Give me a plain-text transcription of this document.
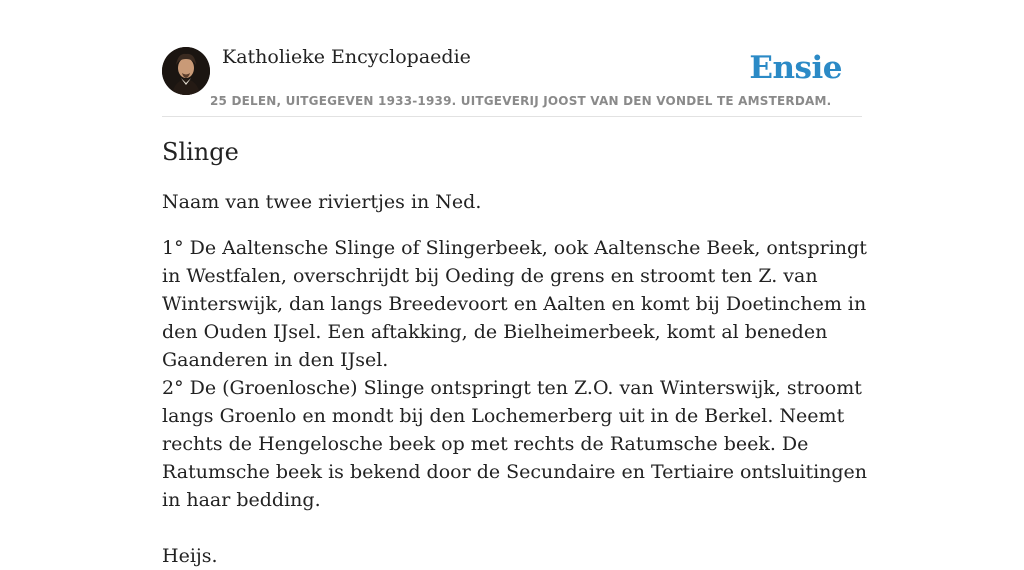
Katholieke Encyclopaedie	Ensie
25 DELEN, UITGEGEVEN 1933-1939. UITGEVERIJ JOOST VAN DEN VONDEL TE AMSTERDAM.
Slinge

Naam van twee riviertjes in Ned.

1° De Aaltensche Slinge of Slingerbeek, ook Aaltensche Beek, ontspringt in Westfalen, overschrijdt bij Oeding de grens en stroomt ten Z. van Winterswijk, dan langs Breedevoort en Aalten en komt bij Doetinchem in den Ouden IJsel. Een aftakking, de Bielheimerbeek, komt al beneden Gaanderen in den IJsel.
2° De (Groenlosche) Slinge ontspringt ten Z.O. van Winterswijk, stroomt langs Groenlo en mondt bij den Lochemerberg uit in de Berkel. Neemt rechts de Hengelosche beek op met rechts de Ratumsche beek. De Ratumsche beek is bekend door de Secundaire en Tertiaire ontsluitingen in haar bedding.

Heijs.
